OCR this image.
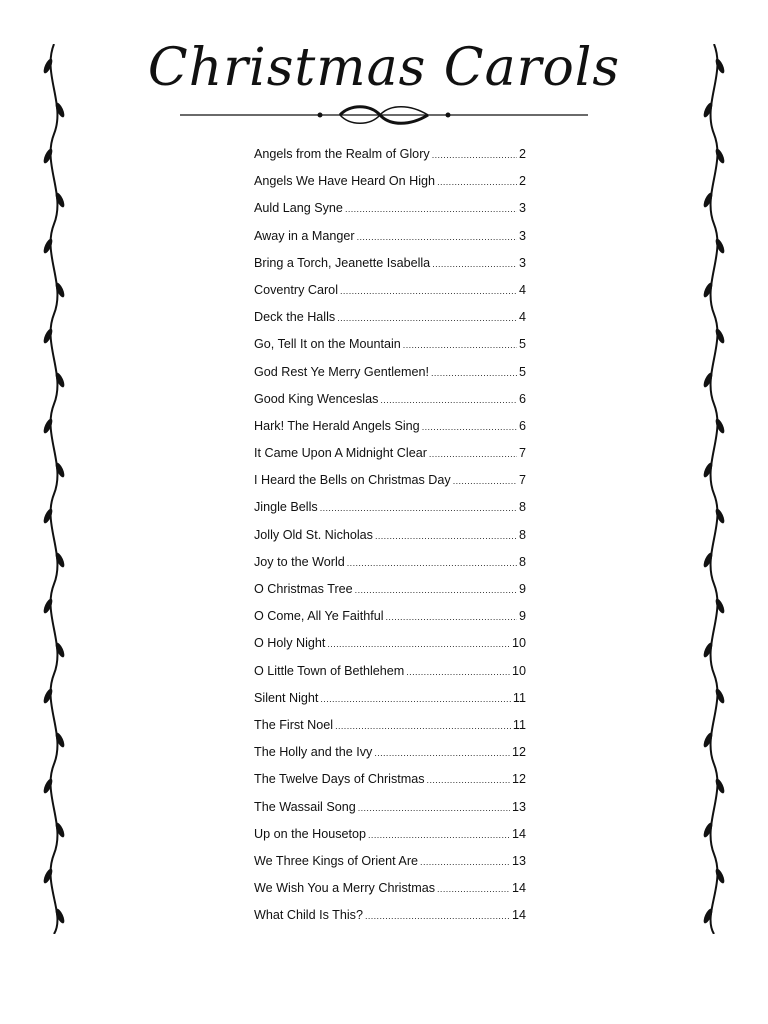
Christmas Carols
Angels from the Realm of Glory .....	2
Angels We Have Heard On High .....	2
Auld Lang Syne .....	3
Away in a Manger .....	3
Bring a Torch, Jeanette Isabella .....	3
Coventry Carol .....	4
Deck the Halls .....	4
Go, Tell It on the Mountain .....	5
God Rest Ye Merry Gentlemen! .....	5
Good King Wenceslas .....	6
Hark! The Herald Angels Sing .....	6
It Came Upon A Midnight Clear .....	7
I Heard the Bells on Christmas Day .....	7
Jingle Bells .....	8
Jolly Old St. Nicholas .....	8
Joy to the World .....	8
O Christmas Tree .....	9
O Come, All Ye Faithful .....	9
O Holy Night .....	10
O Little Town of Bethlehem .....	10
Silent Night .....	11
The First Noel .....	11
The Holly and the Ivy .....	12
The Twelve Days of Christmas .....	12
The Wassail Song .....	13
Up on the Housetop .....	14
We Three Kings of Orient Are .....	13
We Wish You a Merry Christmas .....	14
What Child Is This? .....	14
